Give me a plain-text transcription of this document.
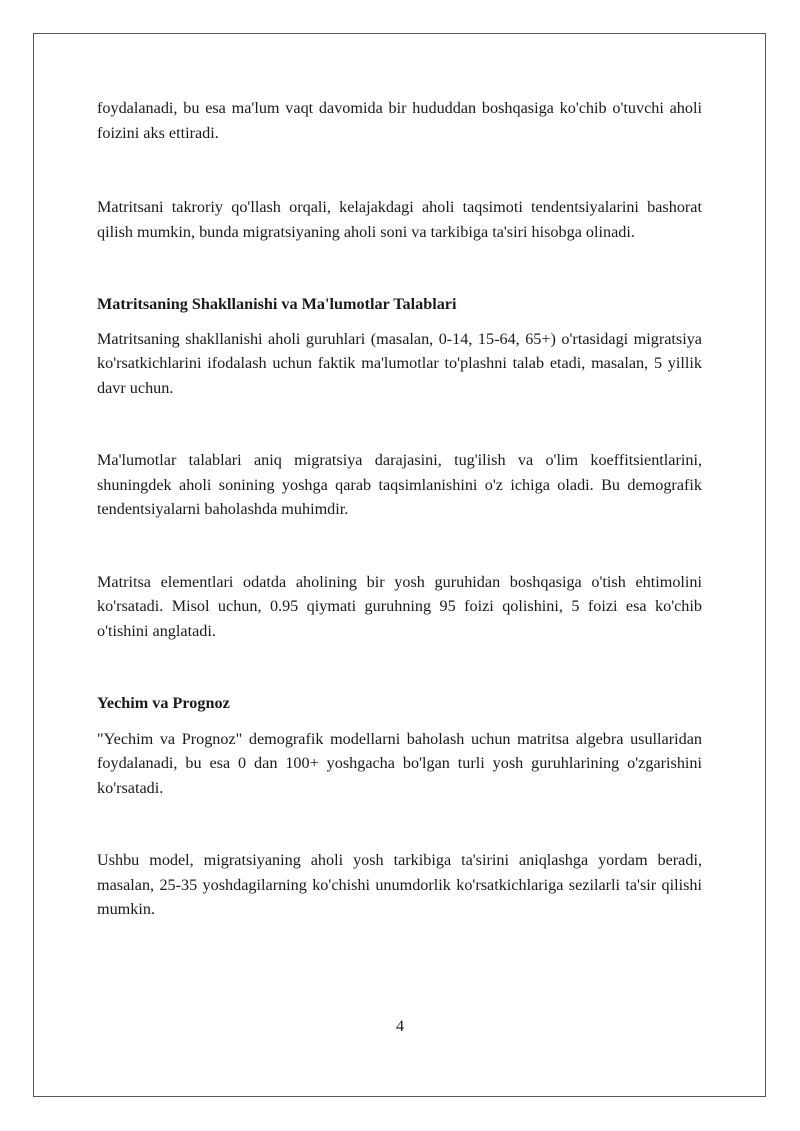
foydalanadi, bu esa ma'lum vaqt davomida bir hududdan boshqasiga ko'chib o'tuvchi aholi foizini aks ettiradi.

Matritsani takroriy qo'llash orqali, kelajakdagi aholi taqsimoti tendentsiyalarini bashorat qilish mumkin, bunda migratsiyaning aholi soni va tarkibiga ta'siri hisobga olinadi.

Matritsaning Shakllanishi va Ma'lumotlar Talablari

Matritsaning shakllanishi aholi guruhlari (masalan, 0-14, 15-64, 65+) o'rtasidagi migratsiya ko'rsatkichlarini ifodalash uchun faktik ma'lumotlar to'plashni talab etadi, masalan, 5 yillik davr uchun.

Ma'lumotlar talablari aniq migratsiya darajasini, tug'ilish va o'lim koeffitsientlarini, shuningdek aholi sonining yoshga qarab taqsimlanishini o'z ichiga oladi. Bu demografik tendentsiyalarni baholashda muhimdir.

Matritsa elementlari odatda aholining bir yosh guruhidan boshqasiga o'tish ehtimolini ko'rsatadi. Misol uchun, 0.95 qiymati guruhning 95 foizi qolishini, 5 foizi esa ko'chib o'tishini anglatadi.

Yechim va Prognoz

"Yechim va Prognoz" demografik modellarni baholash uchun matritsa algebra usullaridan foydalanadi, bu esa 0 dan 100+ yoshgacha bo'lgan turli yosh guruhlarining o'zgarishini ko'rsatadi.

Ushbu model, migratsiyaning aholi yosh tarkibiga ta'sirini aniqlashga yordam beradi, masalan, 25-35 yoshdagilarning ko'chishi unumdorlik ko'rsatkichlariga sezilarli ta'sir qilishi mumkin.

4
